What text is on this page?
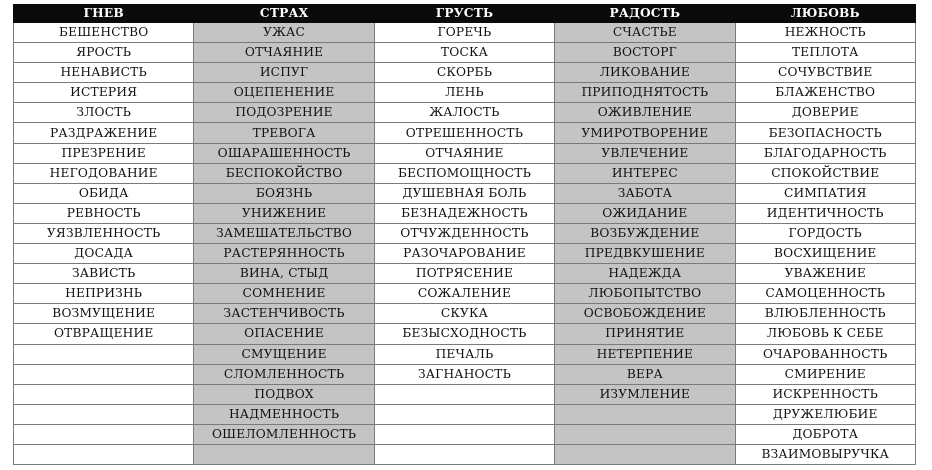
ГНЕВ	СТРАХ	ГРУСТЬ	РАДОСТЬ	ЛЮБОВЬ
БЕШЕНСТВО	УЖАС	ГОРЕЧЬ	СЧАСТЬЕ	НЕЖНОСТЬ
ЯРОСТЬ	ОТЧАЯНИЕ	ТОСКА	ВОСТОРГ	ТЕПЛОТА
НЕНАВИСТЬ	ИСПУГ	СКОРБЬ	ЛИКОВАНИЕ	СОЧУВСТВИЕ
ИСТЕРИЯ	ОЦЕПЕНЕНИЕ	ЛЕНЬ	ПРИПОДНЯТОСТЬ	БЛАЖЕНСТВО
ЗЛОСТЬ	ПОДОЗРЕНИЕ	ЖАЛОСТЬ	ОЖИВЛЕНИЕ	ДОВЕРИЕ
РАЗДРАЖЕНИЕ	ТРЕВОГА	ОТРЕШЕННОСТЬ	УМИРОТВОРЕНИЕ	БЕЗОПАСНОСТЬ
ПРЕЗРЕНИЕ	ОШАРАШЕННОСТЬ	ОТЧАЯНИЕ	УВЛЕЧЕНИЕ	БЛАГОДАРНОСТЬ
НЕГОДОВАНИЕ	БЕСПОКОЙСТВО	БЕСПОМОЩНОСТЬ	ИНТЕРЕС	СПОКОЙСТВИЕ
ОБИДА	БОЯЗНЬ	ДУШЕВНАЯ БОЛЬ	ЗАБОТА	СИМПАТИЯ
РЕВНОСТЬ	УНИЖЕНИЕ	БЕЗНАДЕЖНОСТЬ	ОЖИДАНИЕ	ИДЕНТИЧНОСТЬ
УЯЗВЛЕННОСТЬ	ЗАМЕШАТЕЛЬСТВО	ОТЧУЖДЕННОСТЬ	ВОЗБУЖДЕНИЕ	ГОРДОСТЬ
ДОСАДА	РАСТЕРЯННОСТЬ	РАЗОЧАРОВАНИЕ	ПРЕДВКУШЕНИЕ	ВОСХИЩЕНИЕ
ЗАВИСТЬ	ВИНА, СТЫД	ПОТРЯСЕНИЕ	НАДЕЖДА	УВАЖЕНИЕ
НЕПРИЗНЬ	СОМНЕНИЕ	СОЖАЛЕНИЕ	ЛЮБОПЫТСТВО	САМОЦЕННОСТЬ
ВОЗМУЩЕНИЕ	ЗАСТЕНЧИВОСТЬ	СКУКА	ОСВОБОЖДЕНИЕ	ВЛЮБЛЕННОСТЬ
ОТВРАЩЕНИЕ	ОПАСЕНИЕ	БЕЗЫСХОДНОСТЬ	ПРИНЯТИЕ	ЛЮБОВЬ К СЕБЕ
	СМУЩЕНИЕ	ПЕЧАЛЬ	НЕТЕРПЕНИЕ	ОЧАРОВАННОСТЬ
	СЛОМЛЕННОСТЬ	ЗАГНАНОСТЬ	ВЕРА	СМИРЕНИЕ
	ПОДВОХ		ИЗУМЛЕНИЕ	ИСКРЕННОСТЬ
	НАДМЕННОСТЬ			ДРУЖЕЛЮБИЕ
	ОШЕЛОМЛЕННОСТЬ			ДОБРОТА
				ВЗАИМОВЫРУЧКА
